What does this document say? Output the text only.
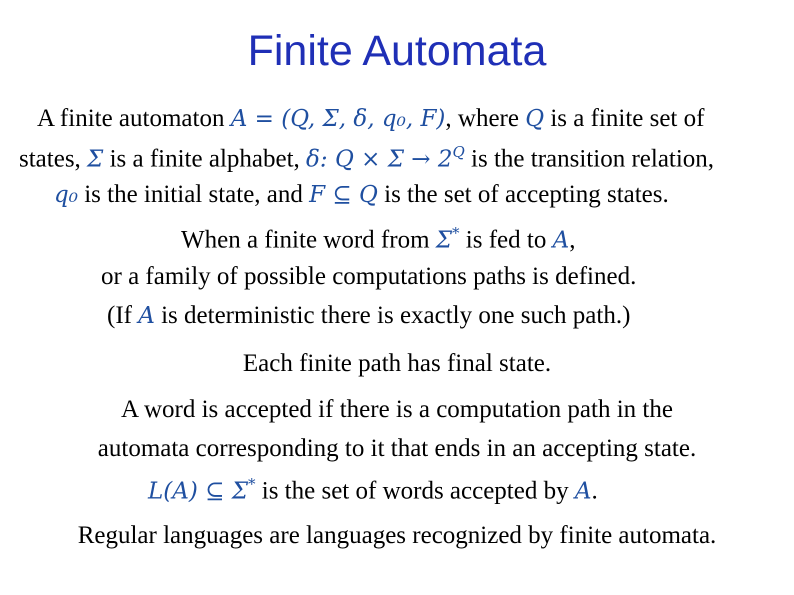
Finite Automata
A finite automaton A = (Q, Σ, δ, q₀, F), where Q is a finite set of
states, Σ is a finite alphabet, δ: $Q \times \Sigma \to 2^Q$ is the transition relation,
q₀ is the initial state, and F ⊆ Q is the set of accepting states.
When a finite word from Σ* is fed to A,
or a family of possible computations paths is defined.
(If A is deterministic there is exactly one such path.)
Each finite path has final state.
A word is accepted if there is a computation path in the
automata corresponding to it that ends in an accepting state.
L(A) ⊆ Σ* is the set of words accepted by A.
Regular languages are languages recognized by finite automata.
